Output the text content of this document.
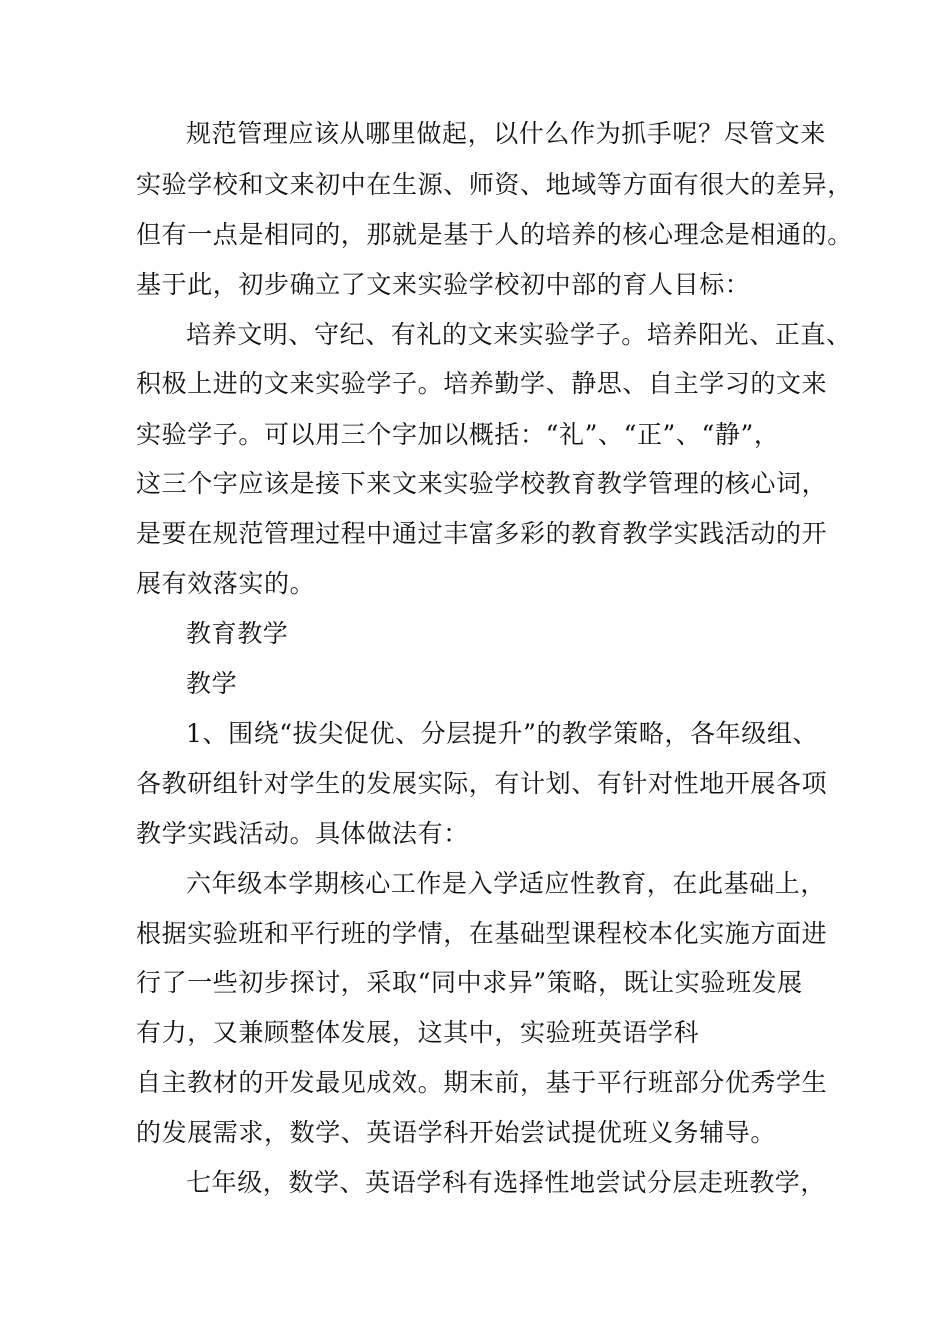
规范管理应该从哪里做起，以什么作为抓手呢？尽管文来
实验学校和文来初中在生源、师资、地域等方面有很大的差异，
但有一点是相同的，那就是基于人的培养的核心理念是相通的。
基于此，初步确立了文来实验学校初中部的育人目标：
培养文明、守纪、有礼的文来实验学子。培养阳光、正直、
积极上进的文来实验学子。培养勤学、静思、自主学习的文来
实验学子。可以用三个字加以概括：“礼”、“正”、“静”，
这三个字应该是接下来文来实验学校教育教学管理的核心词，
是要在规范管理过程中通过丰富多彩的教育教学实践活动的开
展有效落实的。
教育教学
教学
1、围绕“拔尖促优、分层提升”的教学策略，各年级组、
各教研组针对学生的发展实际，有计划、有针对性地开展各项
教学实践活动。具体做法有：
六年级本学期核心工作是入学适应性教育，在此基础上，
根据实验班和平行班的学情，在基础型课程校本化实施方面进
行了一些初步探讨，采取“同中求异”策略，既让实验班发展
有力，又兼顾整体发展，这其中，实验班英语学科
自主教材的开发最见成效。期末前，基于平行班部分优秀学生
的发展需求，数学、英语学科开始尝试提优班义务辅导。
七年级，数学、英语学科有选择性地尝试分层走班教学，
